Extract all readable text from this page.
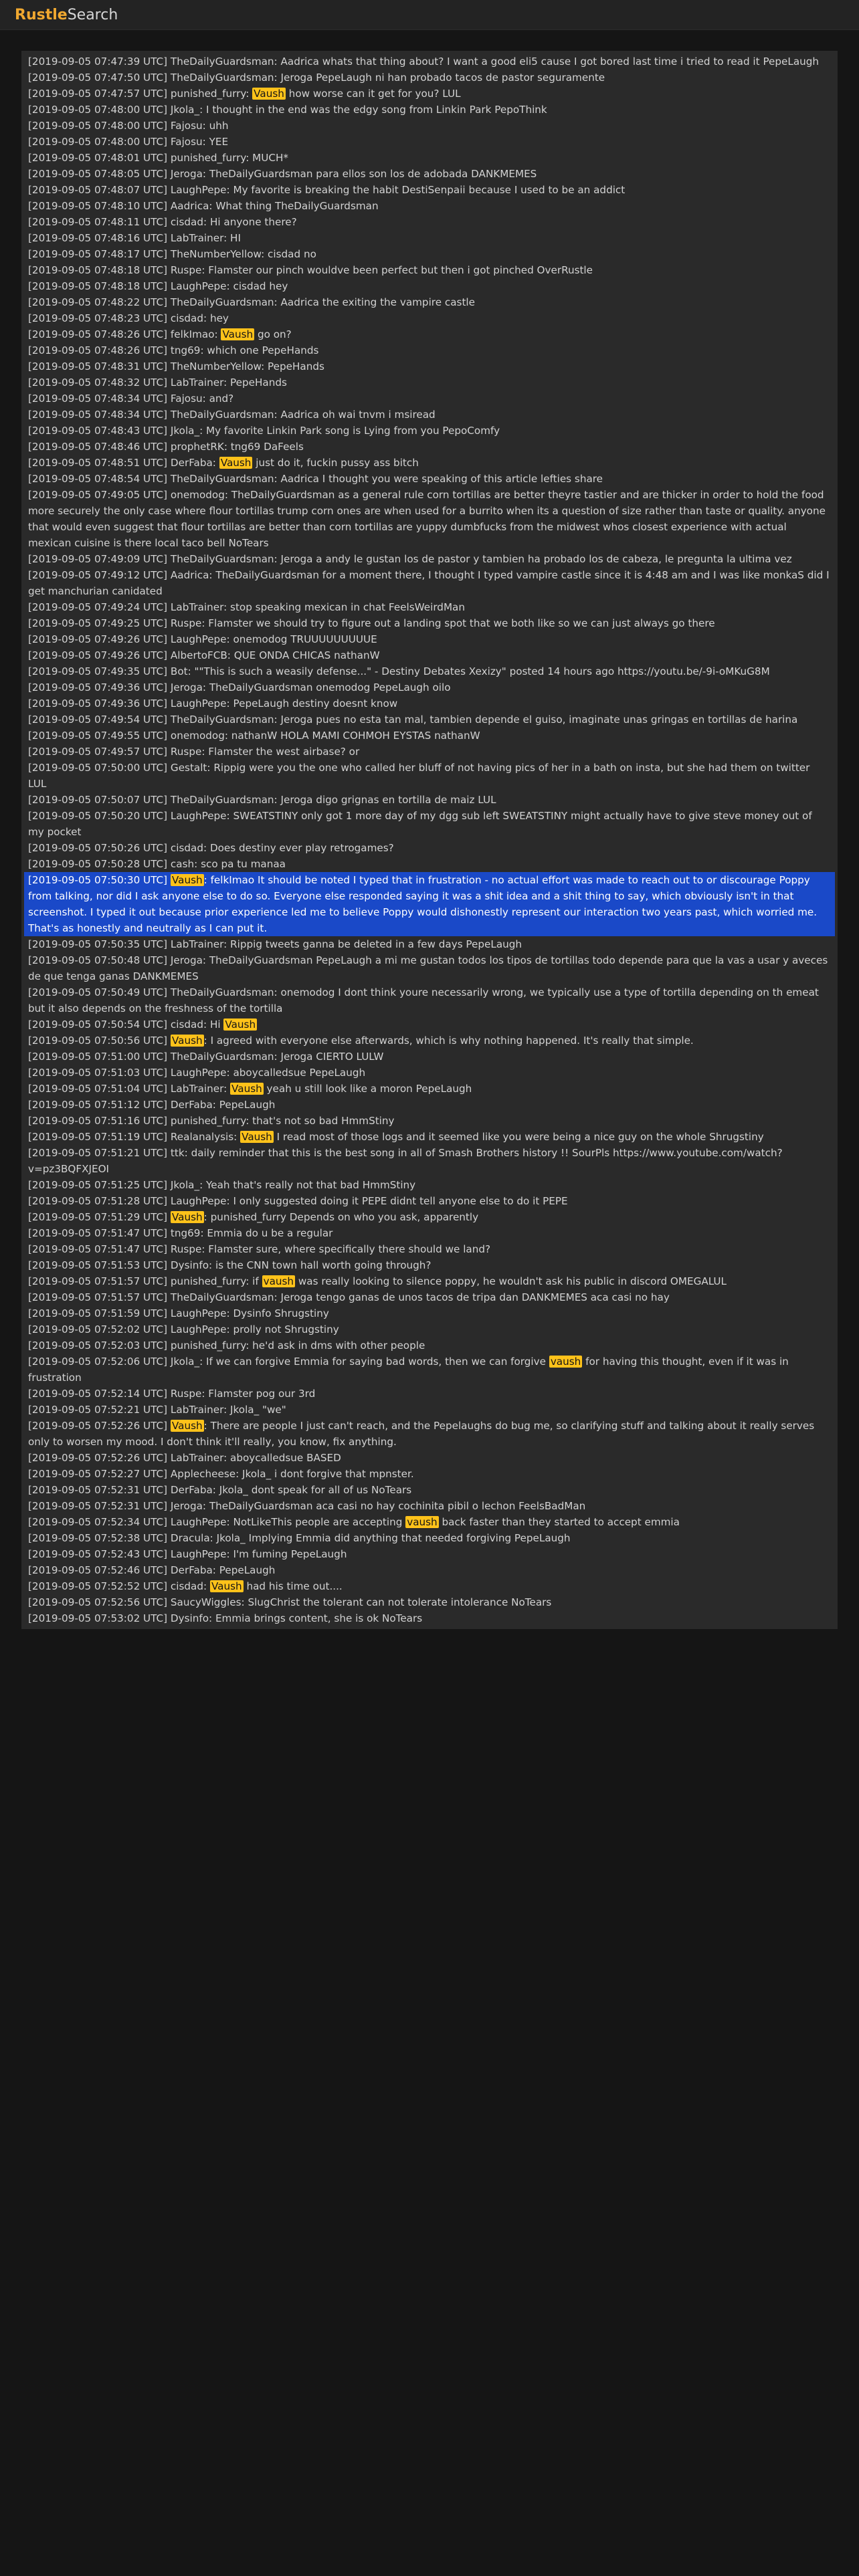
RustleSearch
[2019-09-05 07:47:39 UTC] TheDailyGuardsman: Aadrica whats that thing about? I want a good eli5 cause I got bored last time i tried to read it PepeLaugh
[2019-09-05 07:47:50 UTC] TheDailyGuardsman: Jeroga PepeLaugh ni han probado tacos de pastor seguramente
[2019-09-05 07:47:57 UTC] punished_furry: Vaush how worse can it get for you? LUL
[2019-09-05 07:48:00 UTC] Jkola_: I thought in the end was the edgy song from Linkin Park PepoThink
[2019-09-05 07:48:00 UTC] Fajosu: uhh
[2019-09-05 07:48:00 UTC] Fajosu: YEE
[2019-09-05 07:48:01 UTC] punished_furry: MUCH*
[2019-09-05 07:48:05 UTC] Jeroga: TheDailyGuardsman para ellos son los de adobada DANKMEMES
[2019-09-05 07:48:07 UTC] LaughPepe: My favorite is breaking the habit DestiSenpaii because I used to be an addict
[2019-09-05 07:48:10 UTC] Aadrica: What thing TheDailyGuardsman
[2019-09-05 07:48:11 UTC] cisdad: Hi anyone there?
[2019-09-05 07:48:16 UTC] LabTrainer: HI
[2019-09-05 07:48:17 UTC] TheNumberYellow: cisdad no
[2019-09-05 07:48:18 UTC] Ruspe: Flamster our pinch wouldve been perfect but then i got pinched OverRustle
[2019-09-05 07:48:18 UTC] LaughPepe: cisdad hey
[2019-09-05 07:48:22 UTC] TheDailyGuardsman: Aadrica the exiting the vampire castle
[2019-09-05 07:48:23 UTC] cisdad: hey
[2019-09-05 07:48:26 UTC] felkImao: Vaush go on?
[2019-09-05 07:48:26 UTC] tng69: which one PepeHands
[2019-09-05 07:48:31 UTC] TheNumberYellow: PepeHands
[2019-09-05 07:48:32 UTC] LabTrainer: PepeHands
[2019-09-05 07:48:34 UTC] Fajosu: and?
[2019-09-05 07:48:34 UTC] TheDailyGuardsman: Aadrica oh wai tnvm i msiread
[2019-09-05 07:48:43 UTC] Jkola_: My favorite Linkin Park song is Lying from you PepoComfy
[2019-09-05 07:48:46 UTC] prophetRK: tng69 DaFeels
[2019-09-05 07:48:51 UTC] DerFaba: Vaush just do it, fuckin pussy ass bitch
[2019-09-05 07:48:54 UTC] TheDailyGuardsman: Aadrica I thought you were speaking of this article lefties share
[2019-09-05 07:49:05 UTC] onemodog: TheDailyGuardsman as a general rule corn tortillas are better theyre tastier and are thicker in order to hold the food more securely the only case where flour tortillas trump corn ones are when used for a burrito when its a question of size rather than taste or quality. anyone that would even suggest that flour tortillas are better than corn tortillas are yuppy dumbfucks from the midwest whos closest experience with actual mexican cuisine is there local taco bell NoTears
[2019-09-05 07:49:09 UTC] TheDailyGuardsman: Jeroga a andy le gustan los de pastor y tambien ha probado los de cabeza, le pregunta la ultima vez
[2019-09-05 07:49:12 UTC] Aadrica: TheDailyGuardsman for a moment there, I thought I typed vampire castle since it is 4:48 am and I was like monkaS did I get manchurian canidated
[2019-09-05 07:49:24 UTC] LabTrainer: stop speaking mexican in chat FeelsWeirdMan
[2019-09-05 07:49:25 UTC] Ruspe: Flamster we should try to figure out a landing spot that we both like so we can just always go there
[2019-09-05 07:49:26 UTC] LaughPepe: onemodog TRUUUUUUUUUE
[2019-09-05 07:49:26 UTC] AlbertoFCB: QUE ONDA CHICAS nathanW
[2019-09-05 07:49:35 UTC] Bot: ""This is such a weasily defense..." - Destiny Debates Xexizy" posted 14 hours ago https://youtu.be/-9i-oMKuG8M
[2019-09-05 07:49:36 UTC] Jeroga: TheDailyGuardsman onemodog PepeLaugh oilo
[2019-09-05 07:49:36 UTC] LaughPepe: PepeLaugh destiny doesnt know
[2019-09-05 07:49:54 UTC] TheDailyGuardsman: Jeroga pues no esta tan mal, tambien depende el guiso, imaginate unas gringas en tortillas de harina
[2019-09-05 07:49:55 UTC] onemodog: nathanW HOLA MAMI COHMOH EYSTAS nathanW
[2019-09-05 07:49:57 UTC] Ruspe: Flamster the west airbase? or
[2019-09-05 07:50:00 UTC] Gestalt: Rippig were you the one who called her bluff of not having pics of her in a bath on insta, but she had them on twitter LUL
[2019-09-05 07:50:07 UTC] TheDailyGuardsman: Jeroga digo grignas en tortilla de maiz LUL
[2019-09-05 07:50:20 UTC] LaughPepe: SWEATSTINY only got 1 more day of my dgg sub left SWEATSTINY might actually have to give steve money out of my pocket
[2019-09-05 07:50:26 UTC] cisdad: Does destiny ever play retrogames?
[2019-09-05 07:50:28 UTC] cash: sco pa tu manaa
[2019-09-05 07:50:30 UTC] Vaush : felkImao It should be noted I typed that in frustration - no actual effort was made to reach out to or discourage Poppy from talking, nor did I ask anyone else to do so. Everyone else responded saying it was a shit idea and a shit thing to say, which obviously isn't in that screenshot. I typed it out because prior experience led me to believe Poppy would dishonestly represent our interaction two years past, which worried me. That's as honestly and neutrally as I can put it.
[2019-09-05 07:50:35 UTC] LabTrainer: Rippig tweets ganna be deleted in a few days PepeLaugh
[2019-09-05 07:50:48 UTC] Jeroga: TheDailyGuardsman PepeLaugh a mi me gustan todos los tipos de tortillas todo depende para que la vas a usar y aveces de que tenga ganas DANKMEMES
[2019-09-05 07:50:49 UTC] TheDailyGuardsman: onemodog I dont think youre necessarily wrong, we typically use a type of tortilla depending on th emeat but it also depends on the freshness of the tortilla
[2019-09-05 07:50:54 UTC] cisdad: Hi Vaush
[2019-09-05 07:50:56 UTC] Vaush : I agreed with everyone else afterwards, which is why nothing happened. It's really that simple.
[2019-09-05 07:51:00 UTC] TheDailyGuardsman: Jeroga CIERTO LULW
[2019-09-05 07:51:03 UTC] LaughPepe: aboycalledsue PepeLaugh
[2019-09-05 07:51:04 UTC] LabTrainer: Vaush yeah u still look like a moron PepeLaugh
[2019-09-05 07:51:12 UTC] DerFaba: PepeLaugh
[2019-09-05 07:51:16 UTC] punished_furry: that's not so bad HmmStiny
[2019-09-05 07:51:19 UTC] Realanalysis: Vaush I read most of those logs and it seemed like you were being a nice guy on the whole Shrugstiny
[2019-09-05 07:51:21 UTC] ttk: daily reminder that this is the best song in all of Smash Brothers history !! SourPls https://www.youtube.com/watch?v=pz3BQFXJEOI
[2019-09-05 07:51:25 UTC] Jkola_: Yeah that's really not that bad HmmStiny
[2019-09-05 07:51:28 UTC] LaughPepe: I only suggested doing it PEPE didnt tell anyone else to do it PEPE
[2019-09-05 07:51:29 UTC] Vaush : punished_furry Depends on who you ask, apparently
[2019-09-05 07:51:47 UTC] tng69: Emmia do u be a regular
[2019-09-05 07:51:47 UTC] Ruspe: Flamster sure, where specifically there should we land?
[2019-09-05 07:51:53 UTC] Dysinfo: is the CNN town hall worth going through?
[2019-09-05 07:51:57 UTC] punished_furry: if vaush was really looking to silence poppy, he wouldn't ask his public in discord OMEGALUL
[2019-09-05 07:51:57 UTC] TheDailyGuardsman: Jeroga tengo ganas de unos tacos de tripa dan DANKMEMES aca casi no hay
[2019-09-05 07:51:59 UTC] LaughPepe: Dysinfo Shrugstiny
[2019-09-05 07:52:02 UTC] LaughPepe: prolly not Shrugstiny
[2019-09-05 07:52:03 UTC] punished_furry: he'd ask in dms with other people
[2019-09-05 07:52:06 UTC] Jkola_: If we can forgive Emmia for saying bad words, then we can forgive vaush for having this thought, even if it was in frustration
[2019-09-05 07:52:14 UTC] Ruspe: Flamster pog our 3rd
[2019-09-05 07:52:21 UTC] LabTrainer: Jkola_ "we"
[2019-09-05 07:52:26 UTC] Vaush : There are people I just can't reach, and the Pepelaughs do bug me, so clarifying stuff and talking about it really serves only to worsen my mood. I don't think it'll really, you know, fix anything.
[2019-09-05 07:52:26 UTC] LabTrainer: aboycalledsue BASED
[2019-09-05 07:52:27 UTC] Applecheese: Jkola_ i dont forgive that mpnster.
[2019-09-05 07:52:31 UTC] DerFaba: Jkola_ dont speak for all of us NoTears
[2019-09-05 07:52:31 UTC] Jeroga: TheDailyGuardsman aca casi no hay cochinita pibil o lechon FeelsBadMan
[2019-09-05 07:52:34 UTC] LaughPepe: NotLikeThis people are accepting vaush back faster than they started to accept emmia
[2019-09-05 07:52:38 UTC] Dracula: Jkola_ Implying Emmia did anything that needed forgiving PepeLaugh
[2019-09-05 07:52:43 UTC] LaughPepe: I'm fuming PepeLaugh
[2019-09-05 07:52:46 UTC] DerFaba: PepeLaugh
[2019-09-05 07:52:52 UTC] cisdad: Vaush had his time out....
[2019-09-05 07:52:56 UTC] SaucyWiggles: SlugChrist the tolerant can not tolerate intolerance NoTears
[2019-09-05 07:53:02 UTC] Dysinfo: Emmia brings content, she is ok NoTears
